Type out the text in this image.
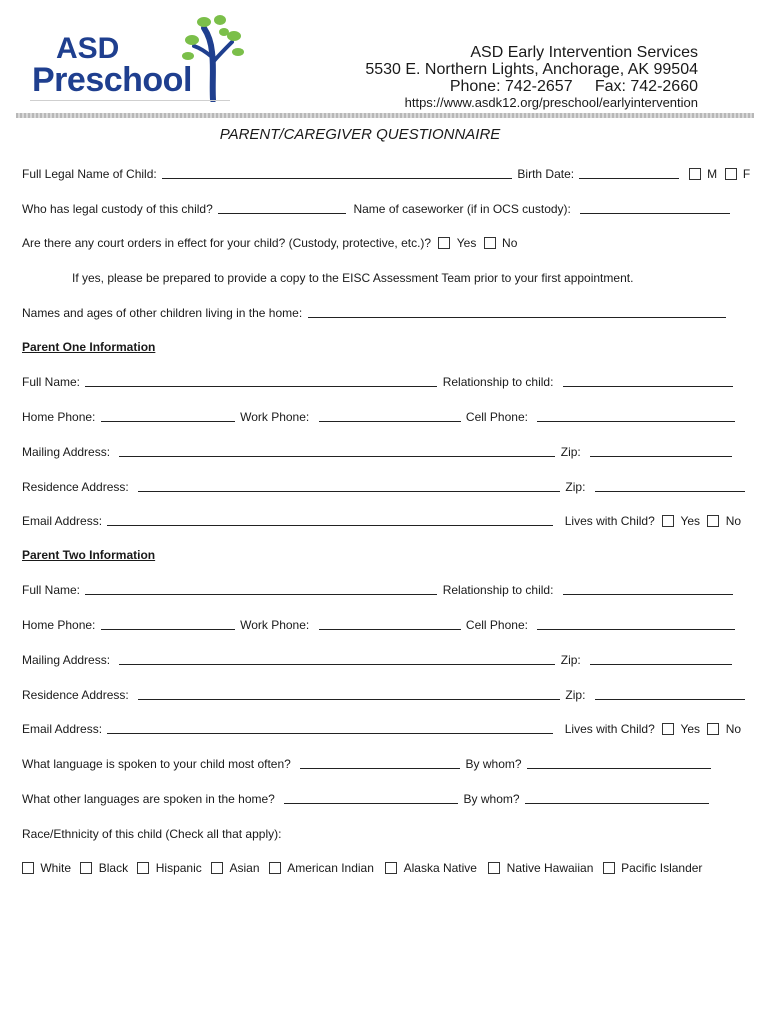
ASD
Preschool
ASD Early Intervention Services
5530 E. Northern Lights, Anchorage, AK 99504
Phone: 742-2657     Fax: 742-2660
https://www.asdk12.org/preschool/earlyintervention
PARENT/CAREGIVER QUESTIONNAIRE
Full Legal Name of Child:	Birth Date:	M F
Who has legal custody of this child?	Name of caseworker (if in OCS custody):
Are there any court orders in effect for your child? (Custody, protective, etc.)? Yes No
If yes, please be prepared to provide a copy to the EISC Assessment Team prior to your first appointment.
Names and ages of other children living in the home:
Parent One Information
Full Name:	Relationship to child:
Home Phone:	Work Phone:	Cell Phone:
Mailing Address:	Zip:
Residence Address:	Zip:
Email Address:	Lives with Child? Yes No
Parent Two Information
Full Name:	Relationship to child:
Home Phone:	Work Phone:	Cell Phone:
Mailing Address:	Zip:
Residence Address:	Zip:
Email Address:	Lives with Child? Yes No
What language is spoken to your child most often?	By whom?
What other languages are spoken in the home?	By whom?
Race/Ethnicity of this child (Check all that apply):
White Black Hispanic Asian American Indian Alaska Native Native Hawaiian Pacific Islander
